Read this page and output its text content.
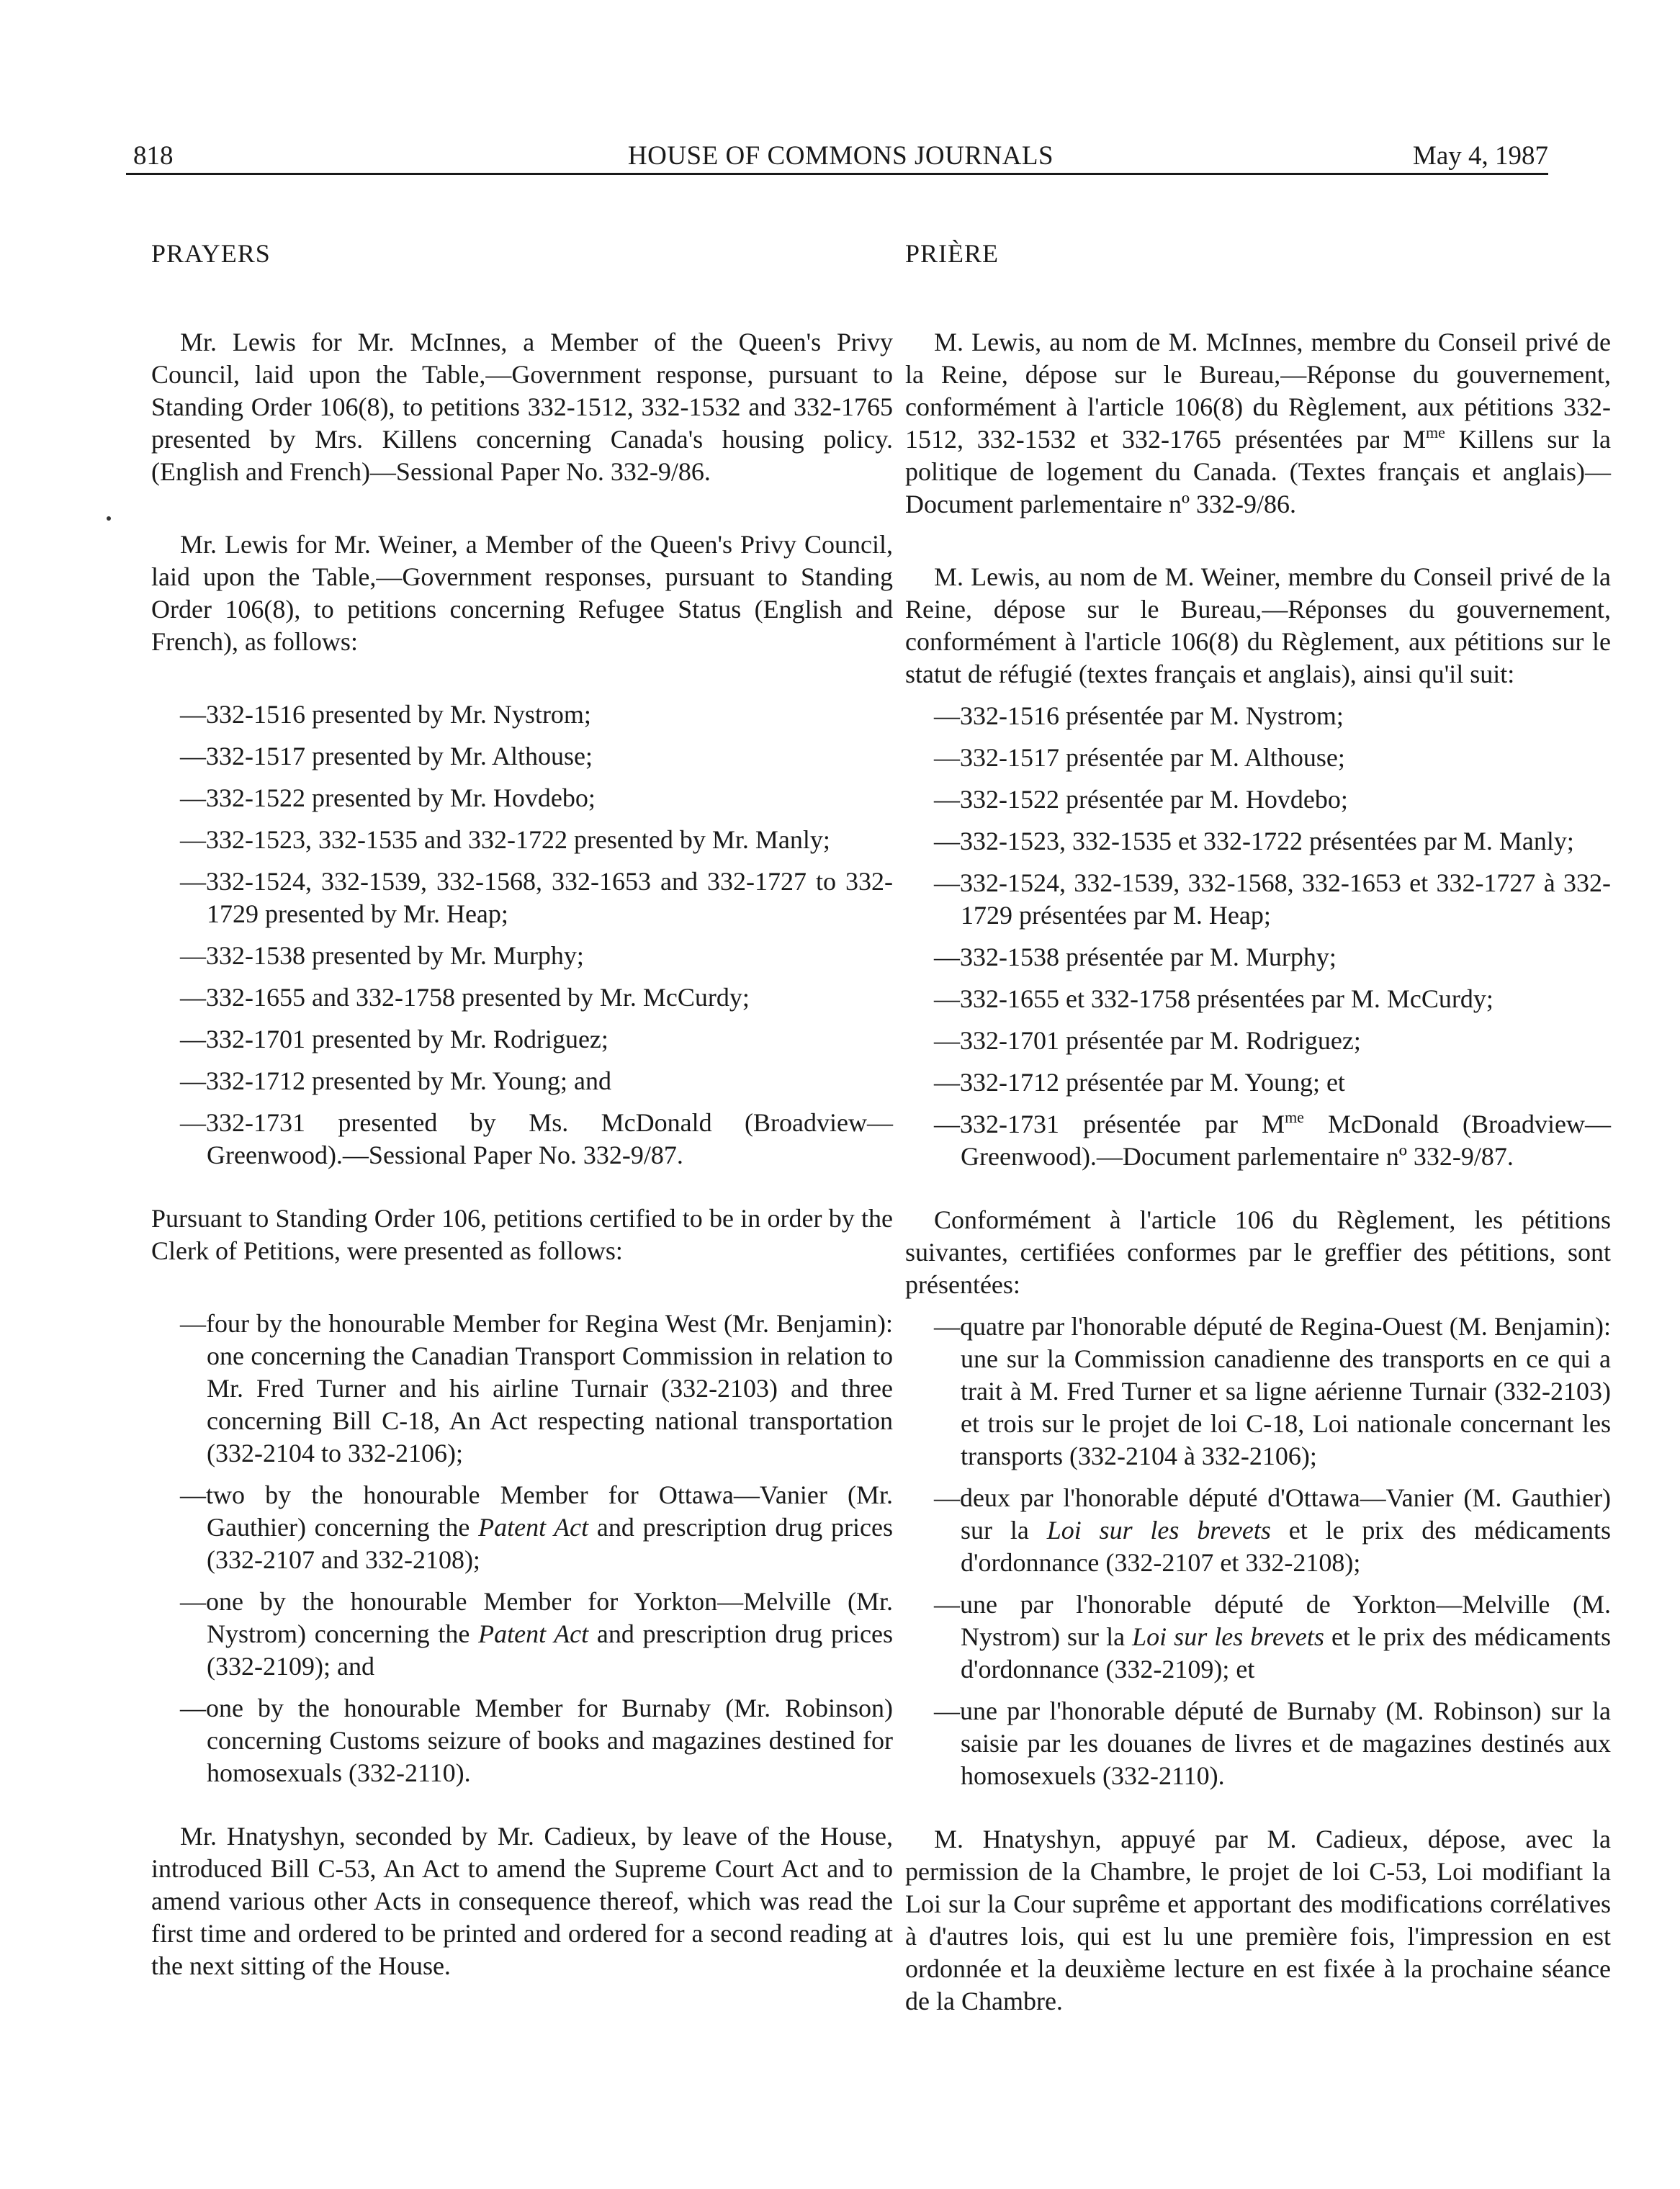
HOUSE OF COMMONS JOURNALS
818	May 4, 1987
PRAYERS

Mr. Lewis for Mr. McInnes, a Member of the Queen's Privy Council, laid upon the Table,—Government response, pursuant to Standing Order 106(8), to petitions 332-1512, 332-1532 and 332-1765 presented by Mrs. Killens concerning Canada's housing policy. (English and French)—Sessional Paper No. 332-9/86.

Mr. Lewis for Mr. Weiner, a Member of the Queen's Privy Council, laid upon the Table,—Government responses, pursuant to Standing Order 106(8), to petitions concerning Refugee Status (English and French), as follows:

—332-1516 presented by Mr. Nystrom;
—332-1517 presented by Mr. Althouse;
—332-1522 presented by Mr. Hovdebo;
—332-1523, 332-1535 and 332-1722 presented by Mr. Manly;
—332-1524, 332-1539, 332-1568, 332-1653 and 332-1727 to 332-1729 presented by Mr. Heap;
—332-1538 presented by Mr. Murphy;
—332-1655 and 332-1758 presented by Mr. McCurdy;
—332-1701 presented by Mr. Rodriguez;
—332-1712 presented by Mr. Young; and
—332-1731 presented by Ms. McDonald (Broadview—Greenwood).—Sessional Paper No. 332-9/87.

Pursuant to Standing Order 106, petitions certified to be in order by the Clerk of Petitions, were presented as follows:

—four by the honourable Member for Regina West (Mr. Benjamin): one concerning the Canadian Transport Commission in relation to Mr. Fred Turner and his airline Turnair (332-2103) and three concerning Bill C-18, An Act respecting national transportation (332-2104 to 332-2106);
—two by the honourable Member for Ottawa—Vanier (Mr. Gauthier) concerning the Patent Act and prescription drug prices (332-2107 and 332-2108);
—one by the honourable Member for Yorkton—Melville (Mr. Nystrom) concerning the Patent Act and prescription drug prices (332-2109); and
—one by the honourable Member for Burnaby (Mr. Robinson) concerning Customs seizure of books and magazines destined for homosexuals (332-2110).

Mr. Hnatyshyn, seconded by Mr. Cadieux, by leave of the House, introduced Bill C-53, An Act to amend the Supreme Court Act and to amend various other Acts in consequence thereof, which was read the first time and ordered to be printed and ordered for a second reading at the next sitting of the House.

PRIÈRE

M. Lewis, au nom de M. McInnes, membre du Conseil privé de la Reine, dépose sur le Bureau,—Réponse du gouvernement, conformément à l'article 106(8) du Règlement, aux pétitions 332-1512, 332-1532 et 332-1765 présentées par $M^{me}$ Killens sur la politique de logement du Canada. (Textes français et anglais)—Document parlementaire nº 332-9/86.

M. Lewis, au nom de M. Weiner, membre du Conseil privé de la Reine, dépose sur le Bureau,—Réponses du gouvernement, conformément à l'article 106(8) du Règlement, aux pétitions sur le statut de réfugié (textes français et anglais), ainsi qu'il suit:

—332-1516 présentée par M. Nystrom;
—332-1517 présentée par M. Althouse;
—332-1522 présentée par M. Hovdebo;
—332-1523, 332-1535 et 332-1722 présentées par M. Manly;
—332-1524, 332-1539, 332-1568, 332-1653 et 332-1727 à 332-1729 présentées par M. Heap;
—332-1538 présentée par M. Murphy;
—332-1655 et 332-1758 présentées par M. McCurdy;
—332-1701 présentée par M. Rodriguez;
—332-1712 présentée par M. Young; et
—332-1731 présentée par $M^{me}$ McDonald (Broadview—Greenwood).—Document parlementaire nº 332-9/87.

Conformément à l'article 106 du Règlement, les pétitions suivantes, certifiées conformes par le greffier des pétitions, sont présentées:

—quatre par l'honorable député de Regina-Ouest (M. Benjamin): une sur la Commission canadienne des transports en ce qui a trait à M. Fred Turner et sa ligne aérienne Turnair (332-2103) et trois sur le projet de loi C-18, Loi nationale concernant les transports (332-2104 à 332-2106);
—deux par l'honorable député d'Ottawa—Vanier (M. Gauthier) sur la Loi sur les brevets et le prix des médicaments d'ordonnance (332-2107 et 332-2108);
—une par l'honorable député de Yorkton—Melville (M. Nystrom) sur la Loi sur les brevets et le prix des médicaments d'ordonnance (332-2109); et
—une par l'honorable député de Burnaby (M. Robinson) sur la saisie par les douanes de livres et de magazines destinés aux homosexuels (332-2110).

M. Hnatyshyn, appuyé par M. Cadieux, dépose, avec la permission de la Chambre, le projet de loi C-53, Loi modifiant la Loi sur la Cour suprême et apportant des modifications corrélatives à d'autres lois, qui est lu une première fois, l'impression en est ordonnée et la deuxième lecture en est fixée à la prochaine séance de la Chambre.
